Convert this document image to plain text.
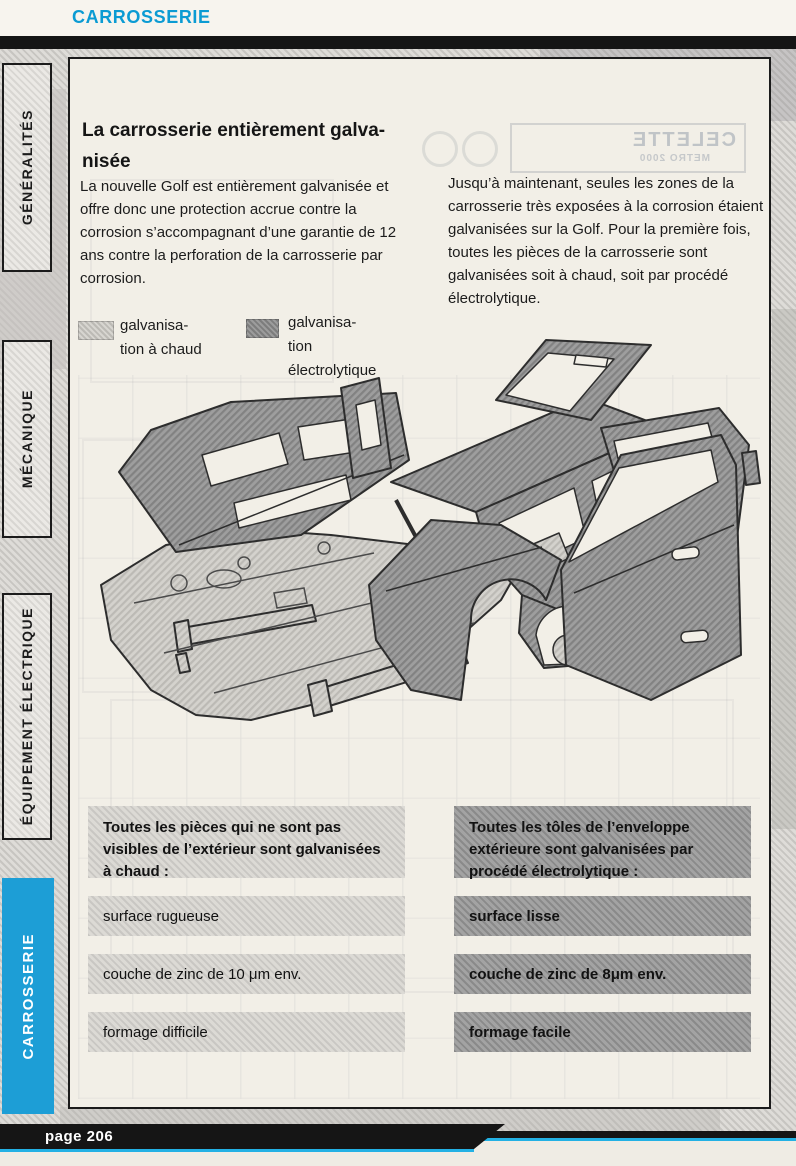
CARROSSERIE
GÉNÉRALITÉS
MÉCANIQUE
ÉQUIPEMENT ÉLECTRIQUE
CARROSSERIE
CELETTE
METRO 2000
La carrosserie entièrement galva-
nisée
La nouvelle Golf est entièrement galvanisée et offre donc une protection accrue contre la corrosion s’accompagnant d’une garantie de 12 ans contre la perforation de la carrosserie par corrosion.
Jusqu’à maintenant, seules les zones de la carrosserie très exposées à la corrosion étaient galvanisées sur la Golf. Pour la première fois, toutes les pièces de la carrosserie sont galvanisées soit à chaud, soit par procédé électrolytique.
galvanisa-
tion à chaud
galvanisa-
tion
électrolytique
Toutes les pièces qui ne sont pas visibles de l’extérieur sont galvanisées à chaud :
Toutes les tôles de l’enveloppe extérieure sont galvanisées par procédé électrolytique :
surface rugueuse
couche de zinc de 10 μm env.
formage difficile
surface lisse
couche de zinc de 8μm env.
formage facile
page 206
